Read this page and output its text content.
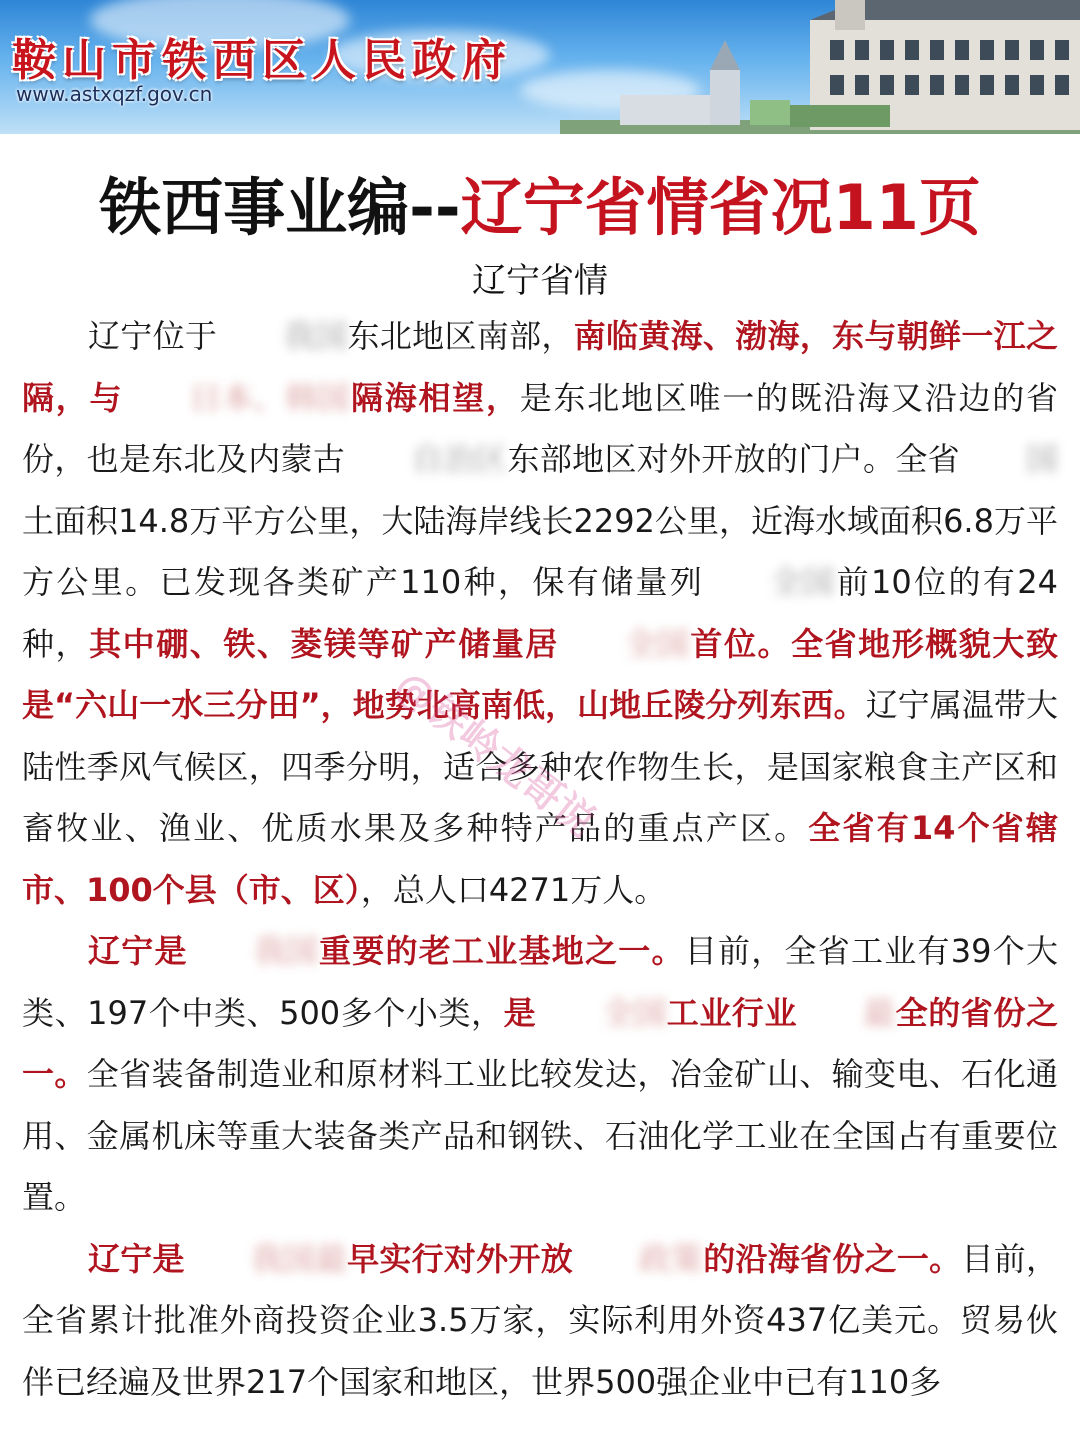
鞍山市铁西区人民政府
www.astxqzf.gov.cn
铁西事业编--辽宁省情省况11页
辽宁省情

辽宁位于 我国东北地区南部，南临黄海、渤海，东与朝鲜一江之隔，与 日本、韩国隔海相望，是东北地区唯一的既沿海又沿边的省份，也是东北及内蒙古 自治区东部地区对外开放的门户。全省 国土面积14.8万平方公里，大陆海岸线长2292公里，近海水域面积6.8万平方公里。已发现各类矿产110种，保有储量列 全国前10位的有24种，其中硼、铁、菱镁等矿产储量居 全国首位。全省地形概貌大致是“六山一水三分田”，地势北高南低，山地丘陵分列东西。辽宁属温带大陆性季风气候区，四季分明，适合多种农作物生长，是国家粮食主产区和畜牧业、渔业、优质水果及多种特产品的重点产区。全省有14个省辖市、100个县（市、区），总人口4271万人。

辽宁是 我国重要的老工业基地之一。目前，全省工业有39个大类、197个中类、500多个小类，是 全国工业行业 最全的省份之一。全省装备制造业和原材料工业比较发达，冶金矿山、输变电、石化通用、金属机床等重大装备类产品和钢铁、石油化学工业在全国占有重要位置。

辽宁是 我国最早实行对外开放 政策的沿海省份之一。目前，全省累计批准外商投资企业3.5万家，实际利用外资437亿美元。贸易伙伴已经遍及世界217个国家和地区，世界500强企业中已有110多

@铁岭龙哥说
